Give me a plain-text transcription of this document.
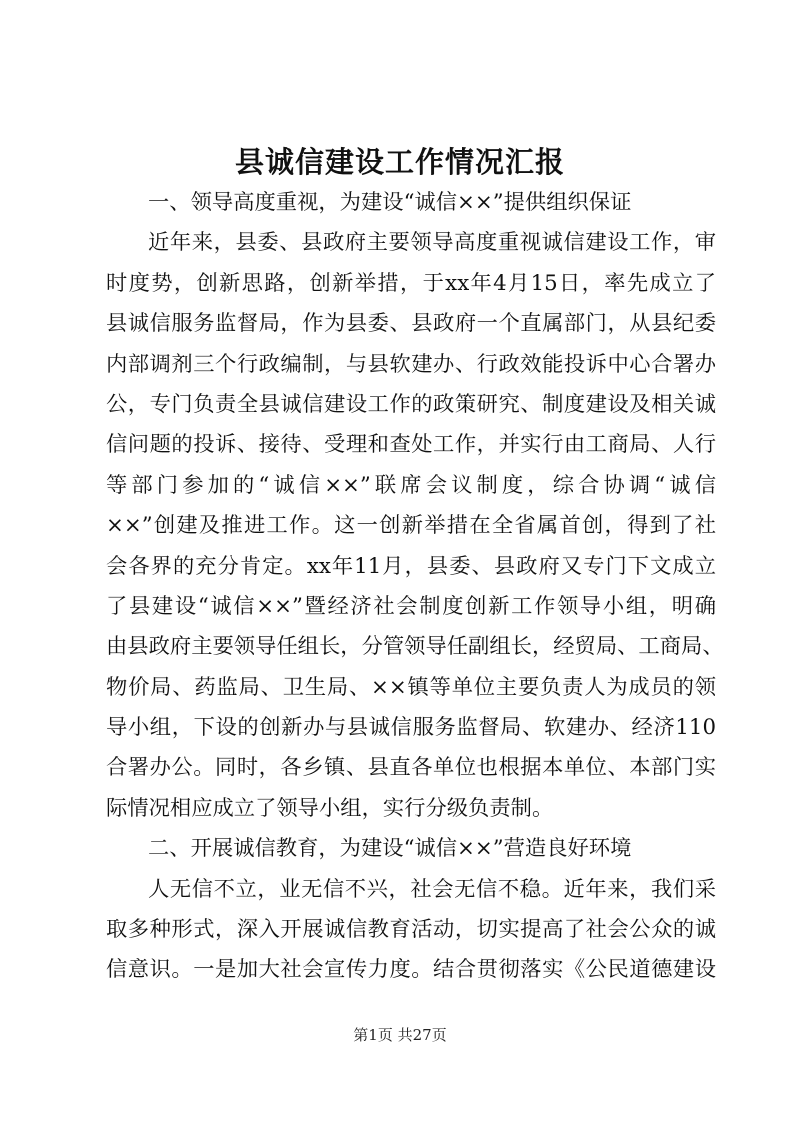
县诚信建设工作情况汇报
一、领导高度重视，为建设“诚信××”提供组织保证
近年来，县委、县政府主要领导高度重视诚信建设工作，审
时度势，创新思路，创新举措，于xx年4月15日，率先成立了
县诚信服务监督局，作为县委、县政府一个直属部门，从县纪委
内部调剂三个行政编制，与县软建办、行政效能投诉中心合署办
公，专门负责全县诚信建设工作的政策研究、制度建设及相关诚
信问题的投诉、接待、受理和查处工作，并实行由工商局、人行
等部门参加的“诚信××”联席会议制度，综合协调“诚信
××”创建及推进工作。这一创新举措在全省属首创，得到了社
会各界的充分肯定。xx年11月，县委、县政府又专门下文成立
了县建设“诚信××”暨经济社会制度创新工作领导小组，明确
由县政府主要领导任组长，分管领导任副组长，经贸局、工商局、
物价局、药监局、卫生局、××镇等单位主要负责人为成员的领
导小组，下设的创新办与县诚信服务监督局、软建办、经济110
合署办公。同时，各乡镇、县直各单位也根据本单位、本部门实
际情况相应成立了领导小组，实行分级负责制。
二、开展诚信教育，为建设“诚信××”营造良好环境
人无信不立，业无信不兴，社会无信不稳。近年来，我们采
取多种形式，深入开展诚信教育活动，切实提高了社会公众的诚
信意识。一是加大社会宣传力度。结合贯彻落实《公民道德建设
第1页 共27页
